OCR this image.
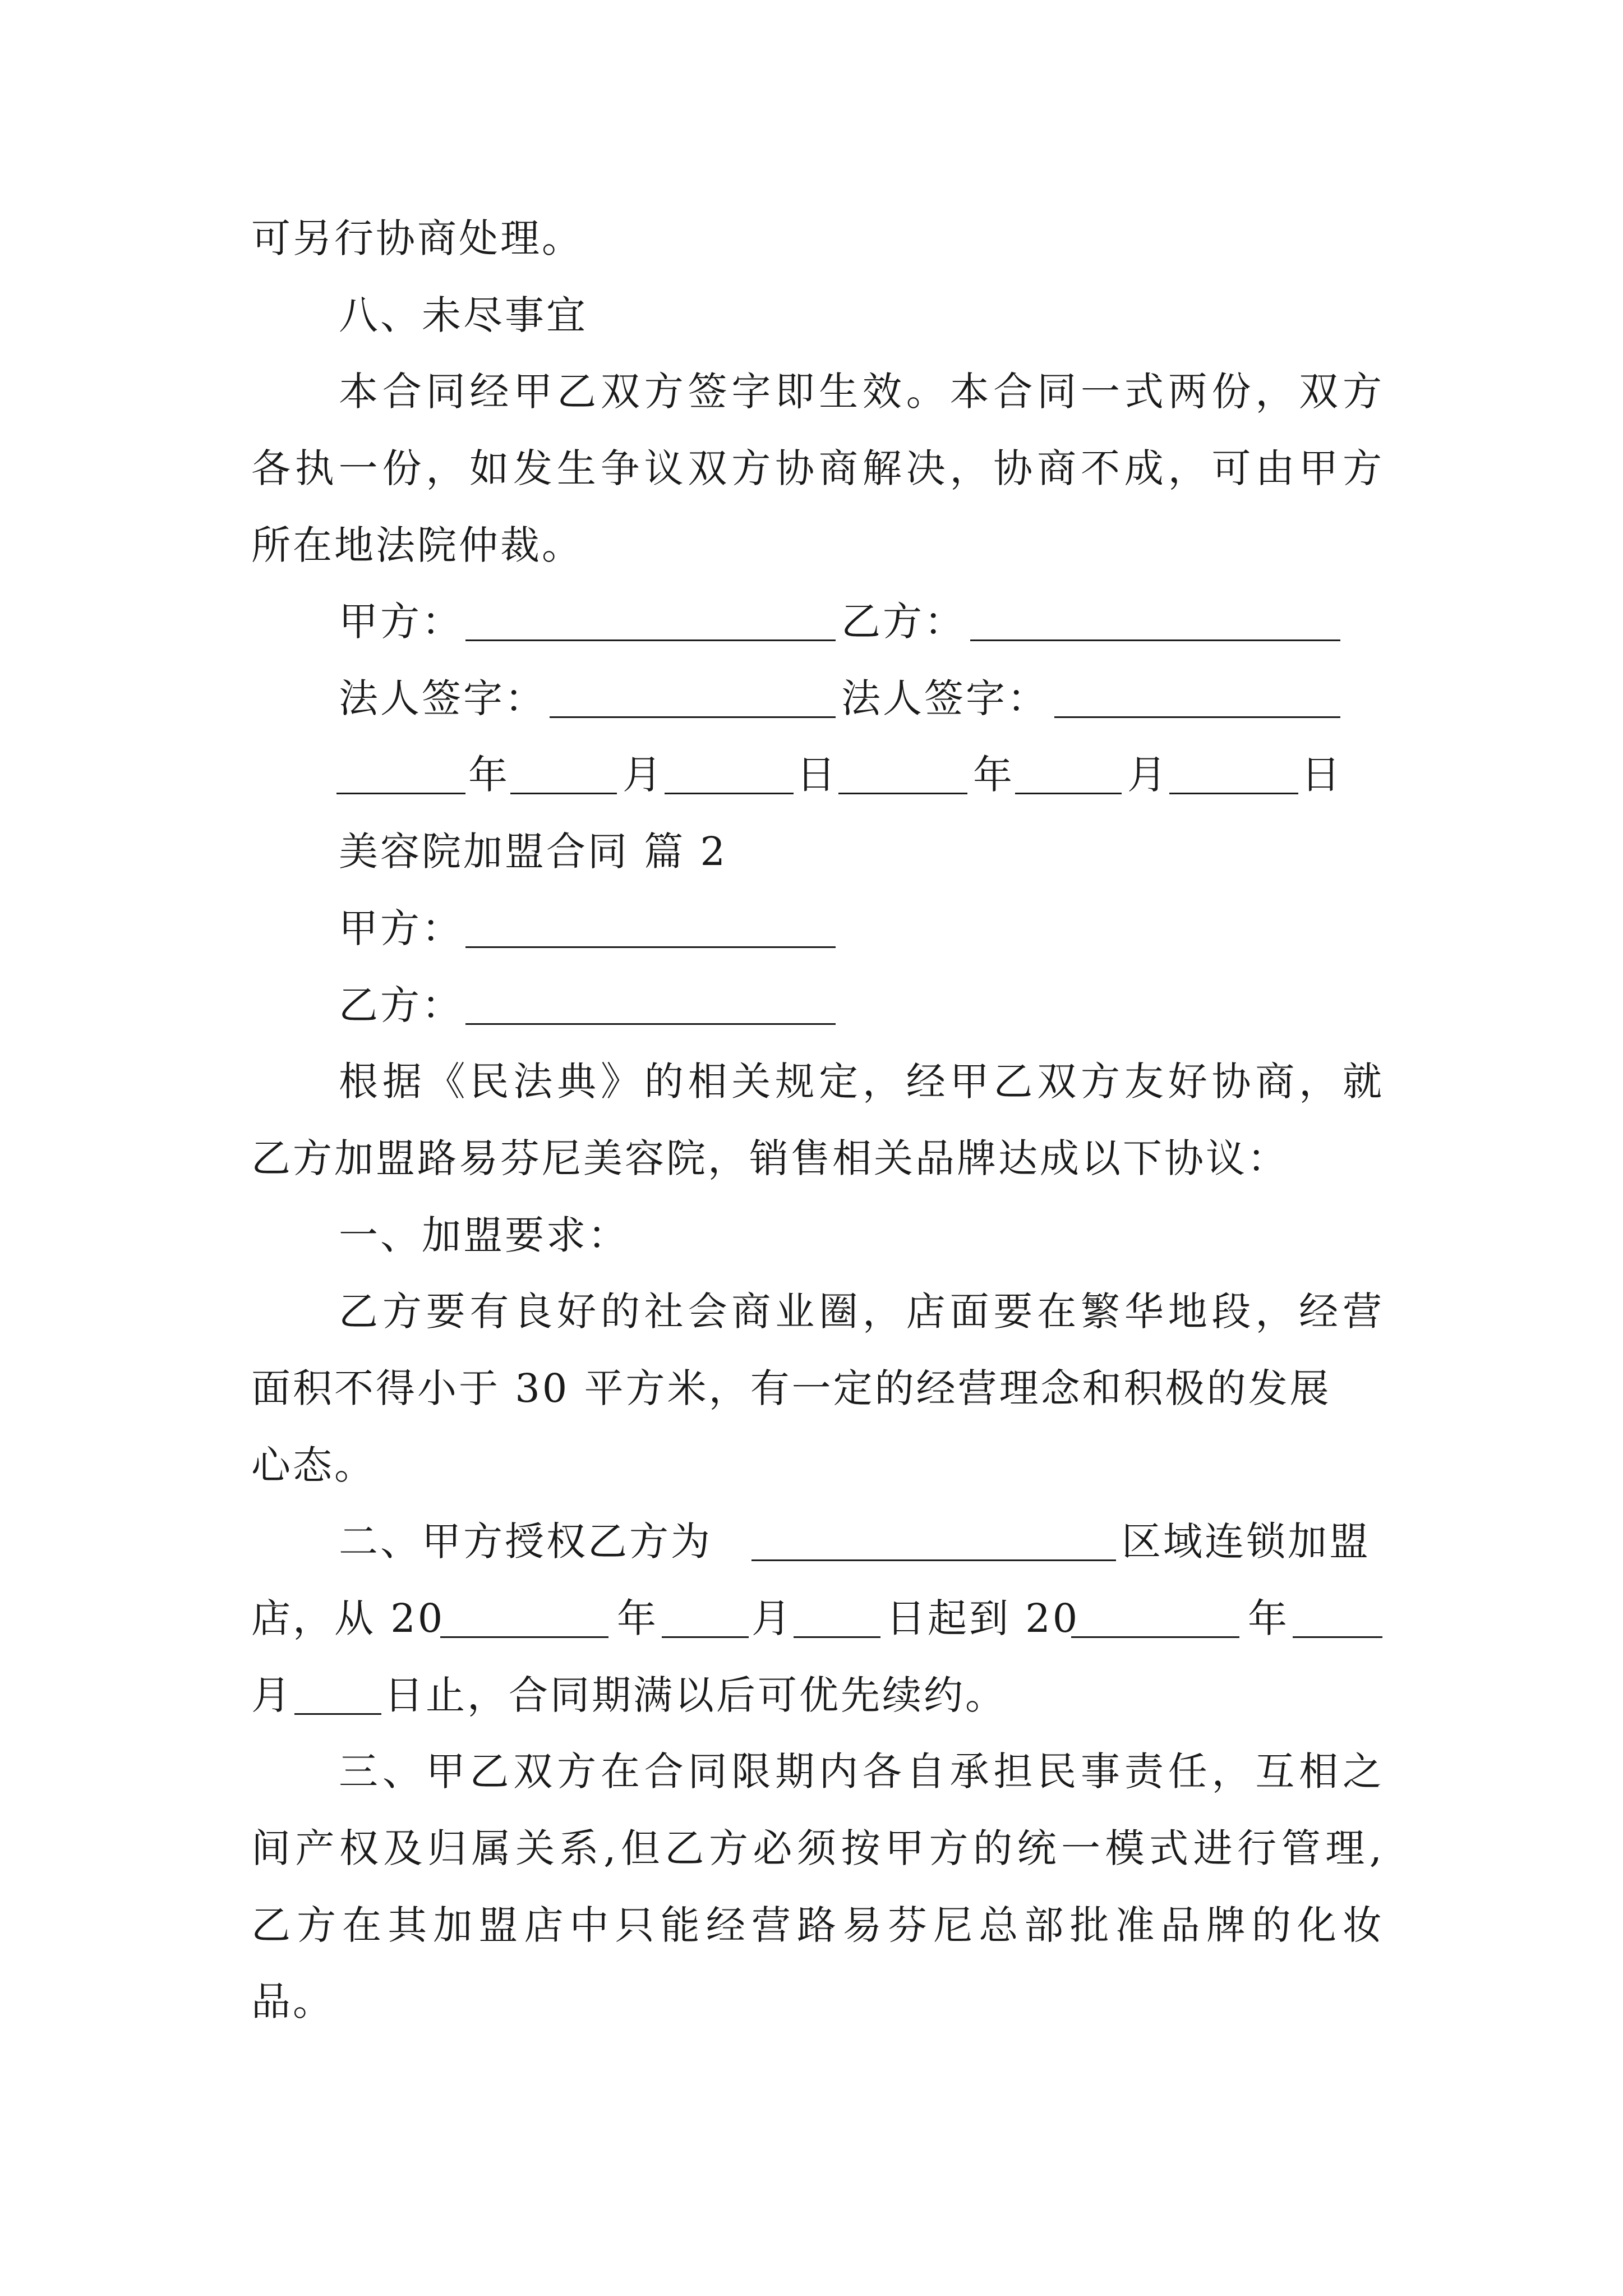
可另行协商处理。
八、未尽事宜
本合同经甲乙双方签字即生效。本合同一式两份，双方
各执一份，如发生争议双方协商解决，协商不成，可由甲方
所在地法院仲裁。
甲方：	乙方：
法人签字：	法人签字：
年	月	日	年	月	日
美容院加盟合同 篇 2
甲方：
乙方：
根据《民法典》的相关规定，经甲乙双方友好协商，就
乙方加盟路易芬尼美容院，销售相关品牌达成以下协议：
一、加盟要求：
乙方要有良好的社会商业圈，店面要在繁华地段，经营
面积不得小于 30 平方米，有一定的经营理念和积极的发展
心态。
二、甲方授权乙方为	区域连锁加盟
店，从 20	年 月 日起到 20	年
月 日止，合同期满以后可优先续约。
三、甲乙双方在合同限期内各自承担民事责任，互相之
间产权及归属关系,但乙方必须按甲方的统一模式进行管理,
乙方在其加盟店中只能经营路易芬尼总部批准品牌的化妆
品。
